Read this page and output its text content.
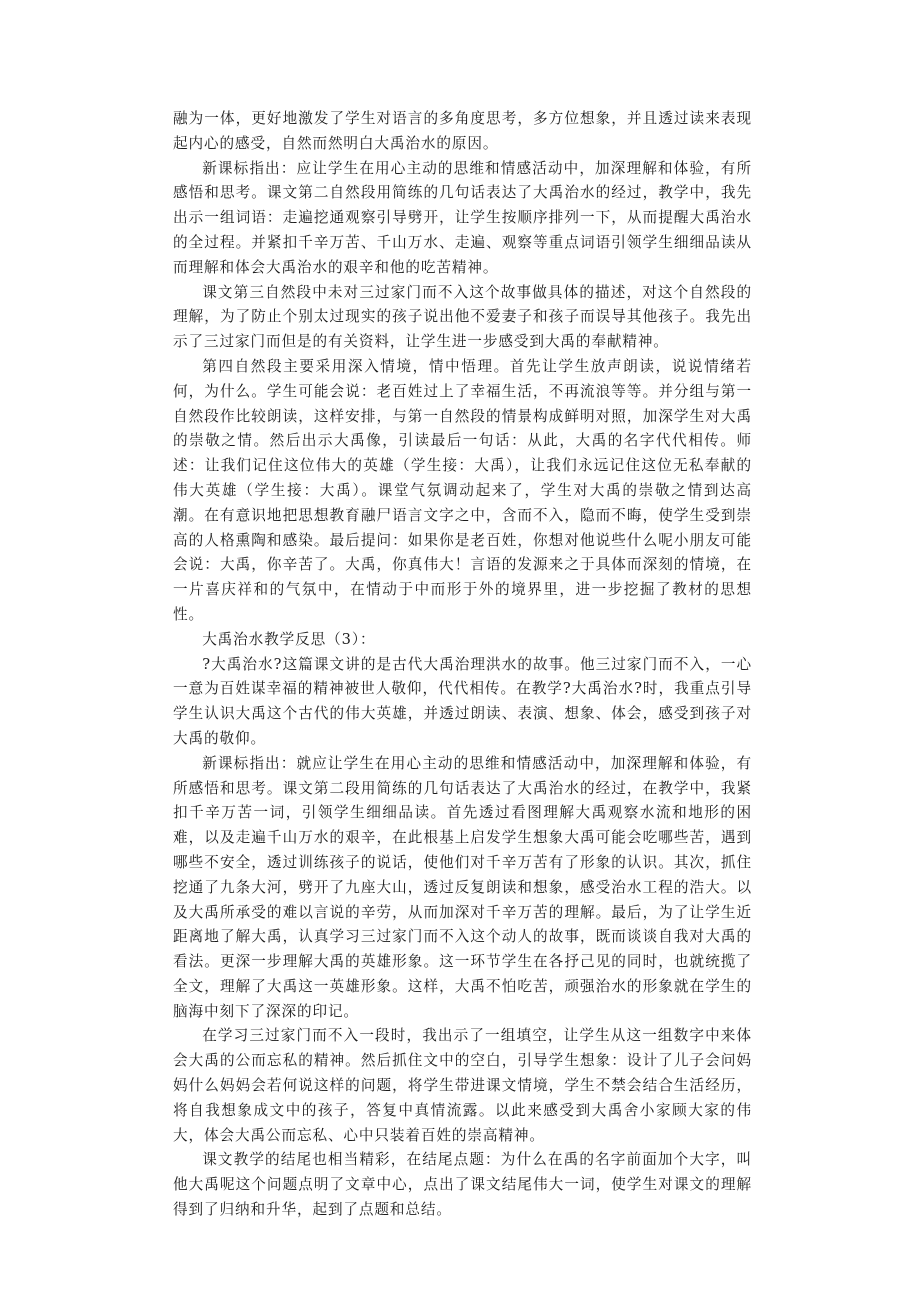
融为一体，更好地激发了学生对语言的多角度思考，多方位想象，并且透过读来表现起内心的感受，自然而然明白大禹治水的原因。

新课标指出：应让学生在用心主动的思维和情感活动中，加深理解和体验，有所感悟和思考。课文第二自然段用简练的几句话表达了大禹治水的经过，教学中，我先出示一组词语：走遍挖通观察引导劈开，让学生按顺序排列一下，从而提醒大禹治水的全过程。并紧扣千辛万苦、千山万水、走遍、观察等重点词语引领学生细细品读从而理解和体会大禹治水的艰辛和他的吃苦精神。

课文第三自然段中未对三过家门而不入这个故事做具体的描述，对这个自然段的理解，为了防止个别太过现实的孩子说出他不爱妻子和孩子而误导其他孩子。我先出示了三过家门而但是的有关资料，让学生进一步感受到大禹的奉献精神。

第四自然段主要采用深入情境，情中悟理。首先让学生放声朗读，说说情绪若何，为什么。学生可能会说：老百姓过上了幸福生活，不再流浪等等。并分组与第一自然段作比较朗读，这样安排，与第一自然段的情景构成鲜明对照，加深学生对大禹的崇敬之情。然后出示大禹像，引读最后一句话：从此，大禹的名字代代相传。师述：让我们记住这位伟大的英雄（学生接：大禹），让我们永远记住这位无私奉献的伟大英雄（学生接：大禹）。课堂气氛调动起来了，学生对大禹的崇敬之情到达高潮。在有意识地把思想教育融尸语言文字之中，含而不入，隐而不晦，使学生受到崇高的人格熏陶和感染。最后提问：如果你是老百姓，你想对他说些什么呢小朋友可能会说：大禹，你辛苦了。大禹，你真伟大！言语的发源来之于具体而深刻的情境，在一片喜庆祥和的气氛中，在情动于中而形于外的境界里，进一步挖掘了教材的思想性。

大禹治水教学反思（3）：

?大禹治水?这篇课文讲的是古代大禹治理洪水的故事。他三过家门而不入，一心一意为百姓谋幸福的精神被世人敬仰，代代相传。在教学?大禹治水?时，我重点引导学生认识大禹这个古代的伟大英雄，并透过朗读、表演、想象、体会，感受到孩子对大禹的敬仰。

新课标指出：就应让学生在用心主动的思维和情感活动中，加深理解和体验，有所感悟和思考。课文第二段用简练的几句话表达了大禹治水的经过，在教学中，我紧扣千辛万苦一词，引领学生细细品读。首先透过看图理解大禹观察水流和地形的困难，以及走遍千山万水的艰辛，在此根基上启发学生想象大禹可能会吃哪些苦，遇到哪些不安全，透过训练孩子的说话，使他们对千辛万苦有了形象的认识。其次，抓住挖通了九条大河，劈开了九座大山，透过反复朗读和想象，感受治水工程的浩大。以及大禹所承受的难以言说的辛劳，从而加深对千辛万苦的理解。最后，为了让学生近距离地了解大禹，认真学习三过家门而不入这个动人的故事，既而谈谈自我对大禹的看法。更深一步理解大禹的英雄形象。这一环节学生在各抒己见的同时，也就统揽了全文，理解了大禹这一英雄形象。这样，大禹不怕吃苦，顽强治水的形象就在学生的脑海中刻下了深深的印记。

在学习三过家门而不入一段时，我出示了一组填空，让学生从这一组数字中来体会大禹的公而忘私的精神。然后抓住文中的空白，引导学生想象：设计了儿子会问妈妈什么妈妈会若何说这样的问题，将学生带进课文情境，学生不禁会结合生活经历，将自我想象成文中的孩子，答复中真情流露。以此来感受到大禹舍小家顾大家的伟大，体会大禹公而忘私、心中只装着百姓的崇高精神。

课文教学的结尾也相当精彩，在结尾点题：为什么在禹的名字前面加个大字，叫他大禹呢这个问题点明了文章中心，点出了课文结尾伟大一词，使学生对课文的理解得到了归纳和升华，起到了点题和总结。
